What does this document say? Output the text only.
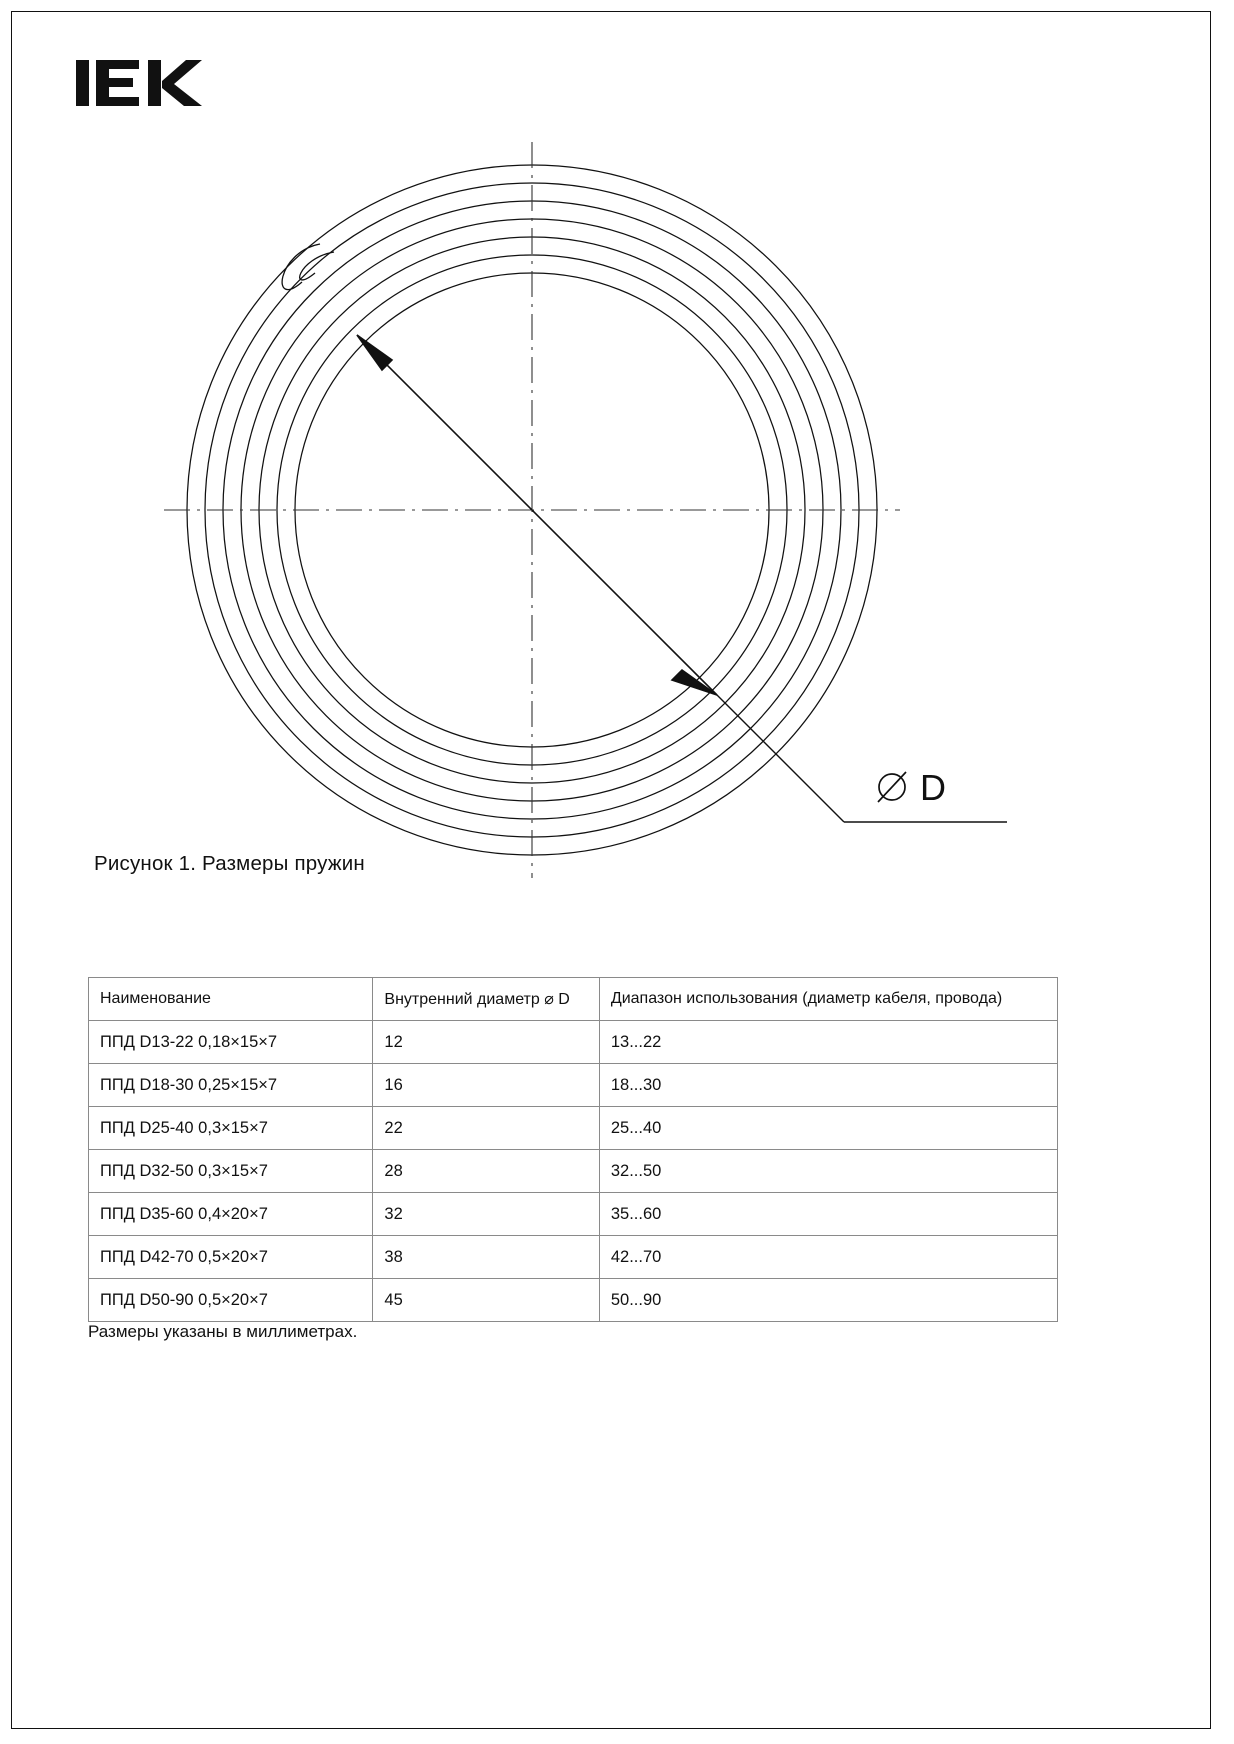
D
Рисунок 1. Размеры пружин
Наименование	Внутренний диаметр ⌀ D	Диапазон использования (диаметр кабеля, провода)
ППД D13-22 0,18×15×7	12	13...22
ППД D18-30 0,25×15×7	16	18...30
ППД D25-40 0,3×15×7	22	25...40
ППД D32-50 0,3×15×7	28	32...50
ППД D35-60 0,4×20×7	32	35...60
ППД D42-70 0,5×20×7	38	42...70
ППД D50-90 0,5×20×7	45	50...90
Размеры указаны в миллиметрах.
